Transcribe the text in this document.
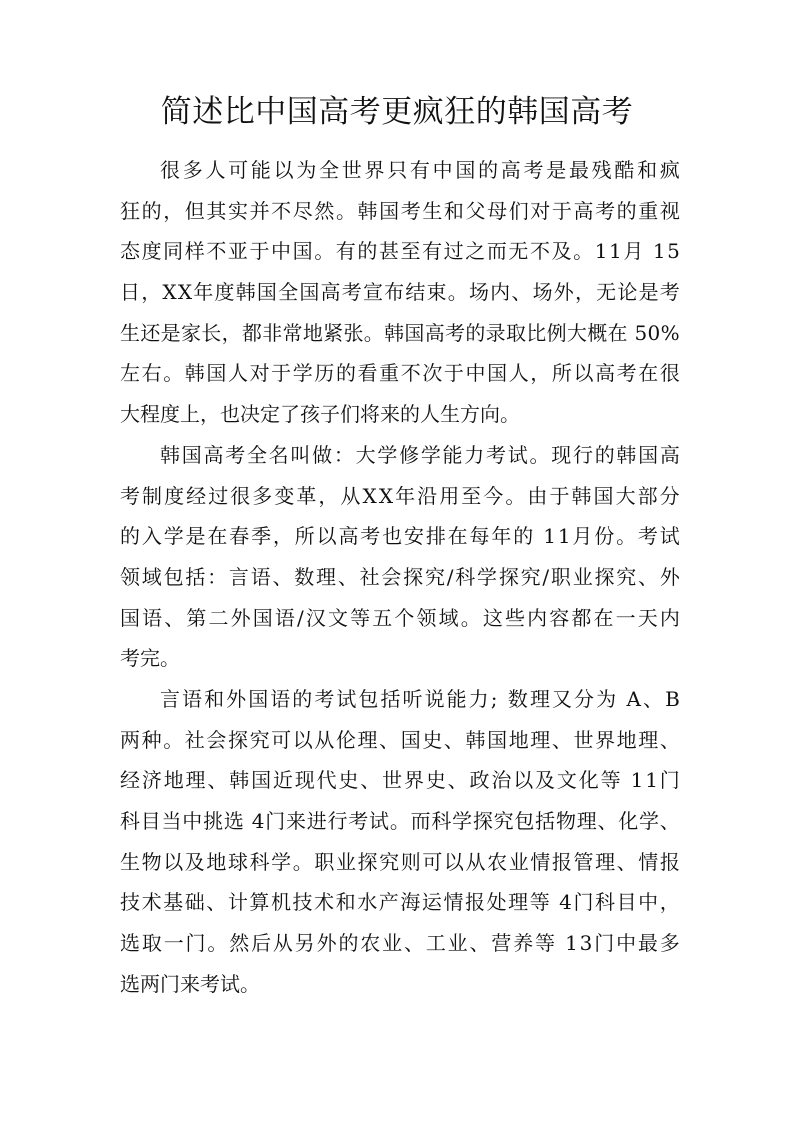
简述比中国高考更疯狂的韩国高考
很 多 人 可 能 以 为 全 世 界 只 有 中 国 的 高 考 是 最 残 酷 和 疯
狂 的 ， 但 其 实 并 不 尽 然 。 韩 国 考 生 和 父 母 们 对 于 高 考 的 重 视
态 度 同 样 不 亚 于 中 国 。 有 的 甚 至 有 过 之 而 无 不 及 。 1 1 月
1 5
日 ， X X 年 度 韩 国 全 国 高 考 宣 布 结 束 。 场 内 、 场 外 ， 无 论 是 考
生 还 是 家 长 ， 都 非 常 地 紧 张 。 韩 国 高 考 的 录 取 比 例 大 概 在
5 0 %
左 右 。 韩 国 人 对 于 学 历 的 看 重 不 次 于 中 国 人 ， 所 以 高 考 在 很
大程度上，也决定了孩子们将来的人生方向。
韩 国 高 考 全 名 叫 做 ： 大 学 修 学 能 力 考 试 。 现 行 的 韩 国 高
考 制 度 经 过 很 多 变 革 ， 从 X X 年 沿 用 至 今 。 由 于 韩 国 大 部 分
的 入 学 是 在 春 季 ， 所 以 高 考 也 安 排 在 每 年 的
1 1 月 份 。 考 试
领 域 包 括 ： 言 语 、 数 理 、 社 会 探 究 / 科 学 探 究 / 职 业 探 究 、 外
国 语 、 第 二 外 国 语 / 汉 文 等 五 个 领 域 。 这 些 内 容 都 在 一 天 内
考完。
言 语 和 外 国 语 的 考 试 包 括 听 说 能 力 ;
数 理 又 分 为
A 、 B
两 种 。 社 会 探 究 可 以 从 伦 理 、 国 史 、 韩 国 地 理 、 世 界 地 理 、
经 济 地 理 、 韩 国 近 现 代 史 、 世 界 史 、 政 治 以 及 文 化 等
1 1 门
科 目 当 中 挑 选
4 门 来 进 行 考 试 。 而 科 学 探 究 包 括 物 理 、 化 学 、
生 物 以 及 地 球 科 学 。 职 业 探 究 则 可 以 从 农 业 情 报 管 理 、 情 报
技 术 基 础 、 计 算 机 技 术 和 水 产 海 运 情 报 处 理 等
4 门 科 目 中 ，
选 取 一 门 。 然 后 从 另 外 的 农 业 、 工 业 、 营 养 等
1 3 门 中 最 多
选两门来考试。
